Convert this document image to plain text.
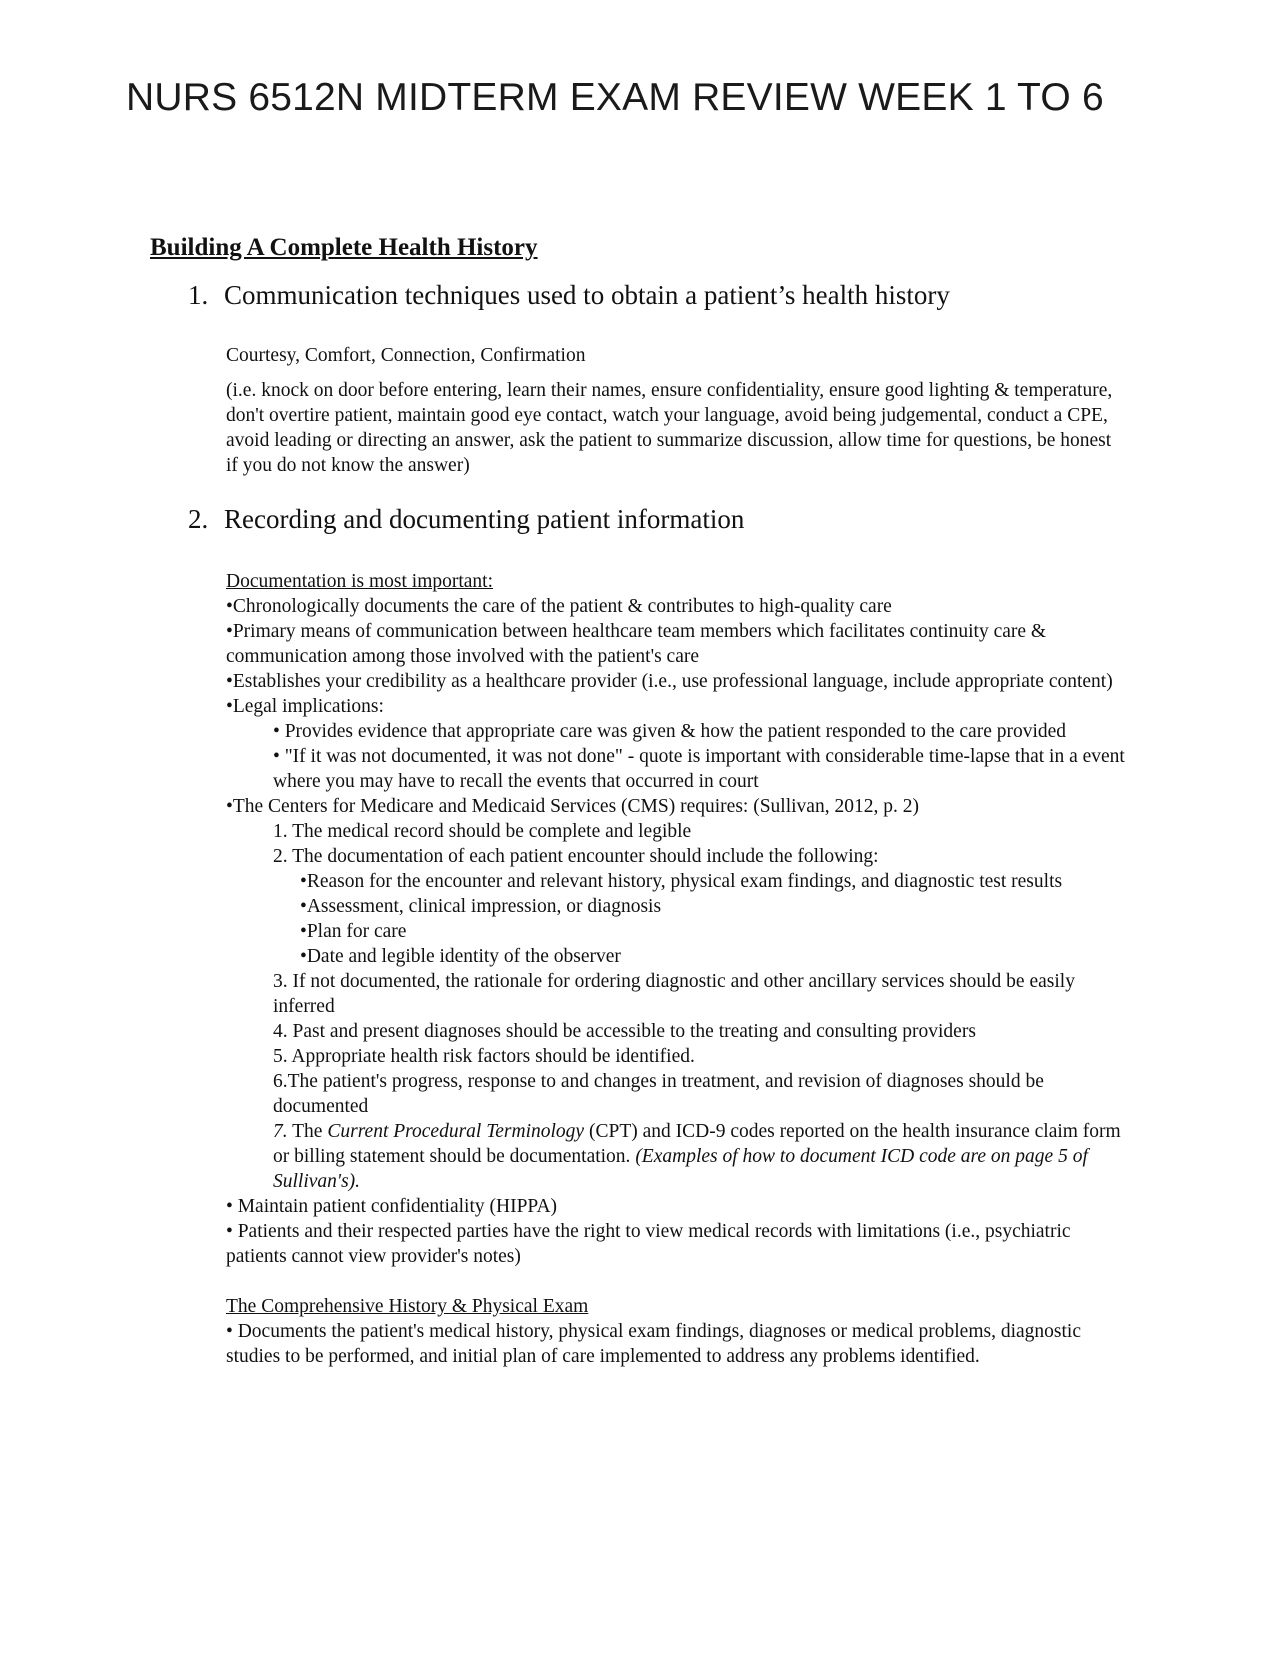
NURS 6512N MIDTERM EXAM REVIEW WEEK 1 TO 6
Building A Complete Health History
1. Communication techniques used to obtain a patient’s health history

Courtesy, Comfort, Connection, Confirmation

(i.e. knock on door before entering, learn their names, ensure confidentiality, ensure good lighting & temperature, don't overtire patient, maintain good eye contact, watch your language, avoid being judgemental, conduct a CPE, avoid leading or directing an answer, ask the patient to summarize discussion, allow time for questions, be honest if you do not know the answer)

2. Recording and documenting patient information

Documentation is most important:

•Chronologically documents the care of the patient & contributes to high-quality care

•Primary means of communication between healthcare team members which facilitates continuity care & communication among those involved with the patient's care

•Establishes your credibility as a healthcare provider (i.e., use professional language, include appropriate content)

•Legal implications:

• Provides evidence that appropriate care was given & how the patient responded to the care provided

• "If it was not documented, it was not done" - quote is important with considerable time-lapse that in a event where you may have to recall the events that occurred in court

•The Centers for Medicare and Medicaid Services (CMS) requires: (Sullivan, 2012, p. 2)

1. The medical record should be complete and legible

2. The documentation of each patient encounter should include the following:

•Reason for the encounter and relevant history, physical exam findings, and diagnostic test results

•Assessment, clinical impression, or diagnosis

•Plan for care

•Date and legible identity of the observer

3. If not documented, the rationale for ordering diagnostic and other ancillary services should be easily inferred

4. Past and present diagnoses should be accessible to the treating and consulting providers

5. Appropriate health risk factors should be identified.

6.The patient's progress, response to and changes in treatment, and revision of diagnoses should be documented

7. The Current Procedural Terminology (CPT) and ICD-9 codes reported on the health insurance claim form or billing statement should be documentation. (Examples of how to document ICD code are on page 5 of Sullivan's).

• Maintain patient confidentiality (HIPPA)

• Patients and their respected parties have the right to view medical records with limitations (i.e., psychiatric patients cannot view provider's notes)

The Comprehensive History & Physical Exam

• Documents the patient's medical history, physical exam findings, diagnoses or medical problems, diagnostic studies to be performed, and initial plan of care implemented to address any problems identified.
